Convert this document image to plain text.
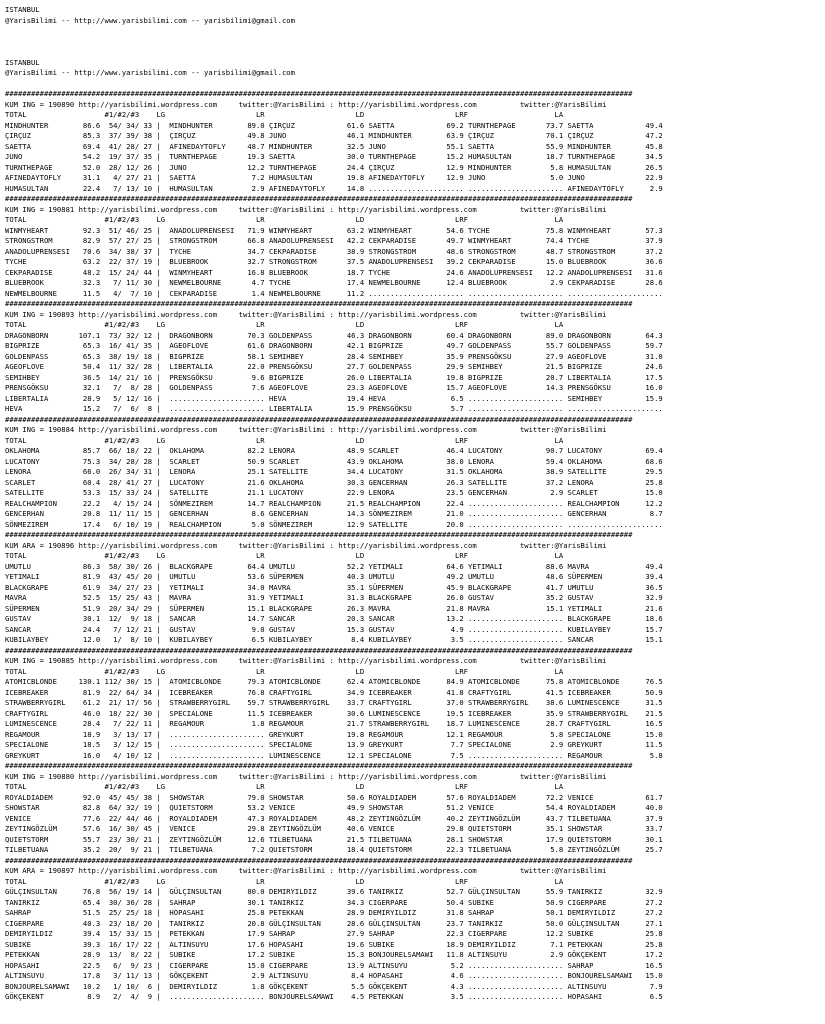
ISTANBUL
@YarisBilimi -- http://www.yarisbilimi.com -- yarisbilimi@gmail.com
ISTANBUL
@YarisBilimi -- http://www.yarisbilimi.com -- yarisbilimi@gmail.com
#################################################################################################################################################
KUM ING = 190890 http://yarisbilimi.wordpress.com     twitter:@YarisBilimi : http://yarisbilimi.wordpress.com          twitter:@YarisBilimi
TOTAL                  #1/#2/#3    LG                     LR                     LD                     LRF                    LA
MINDHUNTER        86.6  54/ 34/ 33 |  MINDHUNTER        89.0 ÇIRÇUZ            61.6 SAETTA            69.2 TURNTHEPAGE       73.7 SAETTA            49.4
ÇIRÇUZ            85.3  37/ 39/ 38 |  ÇIRÇUZ            49.8 JUNO              46.1 MINDHUNTER        63.9 ÇIRÇUZ            70.1 ÇIRÇUZ            47.2
SAETTA            69.4  41/ 28/ 27 |  AFINEDAYTOFLY     48.7 MINDHUNTER        32.5 JUNO              55.1 SAETTA            55.9 MINDHUNTER        45.8
JUNO              54.2  19/ 37/ 35 |  TURNTHEPAGE       19.3 SAETTA            30.0 TURNTHEPAGE       15.2 HUMASULTAN        18.7 TURNTHEPAGE       34.5
TURNTHEPAGE       52.0  28/ 12/ 26 |  JUNO              12.2 TURNTHEPAGE       24.4 ÇIRÇUZ            12.9 MINDHUNTER         5.8 HUMASULTAN        26.5
AFINEDAYTOFLY     31.1   4/ 27/ 21 |  SAETTA             7.2 HUMASULTAN        19.8 AFINEDAYTOFLY     12.9 JUNO               5.0 JUNO              22.9
HUMASULTAN        22.4   7/ 13/ 10 |  HUMASULTAN         2.9 AFINEDAYTOFLY     14.8 ...................... ...................... AFINEDAYTOFLY      2.9
#################################################################################################################################################
KUM ING = 190881 http://yarisbilimi.wordpress.com     twitter:@YarisBilimi : http://yarisbilimi.wordpress.com          twitter:@YarisBilimi
TOTAL                  #1/#2/#3    LG                     LR                     LD                     LRF                    LA
WINMYHEART        92.3  51/ 46/ 25 |  ANADOLUPRENSESI   71.9 WINMYHEART        63.2 WINMYHEART        54.6 TYCHE             75.8 WINMYHEART        57.3
STRONGSTROM       82.9  57/ 27/ 25 |  STRONGSTROM       66.8 ANADOLUPRENSESI   42.2 CEKPARADISE       49.7 WINMYHEART        74.4 TYCHE             37.9
ANADOLUPRENSESI   70.6  34/ 38/ 37 |  TYCHE             34.7 CEKPARADISE       38.9 STRONGSTROM       48.6 STRONGSTROM       48.7 STRONGSTROM       37.2
TYCHE             63.2  22/ 37/ 19 |  BLUEBROOK         32.7 STRONGSTROM       37.5 ANADOLUPRENSESI   39.2 CEKPARADISE       15.0 BLUEBROOK         36.6
CEKPARADISE       48.2  15/ 24/ 44 |  WINMYHEART        16.8 BLUEBROOK         18.7 TYCHE             24.6 ANADOLUPRENSESI   12.2 ANADOLUPRENSESI   31.6
BLUEBROOK         32.3   7/ 11/ 30 |  NEWMELBOURNE       4.7 TYCHE             17.4 NEWMELBOURNE      12.4 BLUEBROOK          2.9 CEKPARADISE       28.6
NEWMELBOURNE      11.5   4/  7/ 10 |  CEKPARADISE        1.4 NEWMELBOURNE      11.2 ...................... ...................... ......................
#################################################################################################################################################
KUM ING = 190893 http://yarisbilimi.wordpress.com     twitter:@YarisBilimi : http://yarisbilimi.wordpress.com          twitter:@YarisBilimi
TOTAL                  #1/#2/#3    LG                     LR                     LD                     LRF                    LA
DRAGONBORN       107.1  73/ 32/ 12 |  DRAGONBORN        70.3 GOLDENPASS        46.3 DRAGONBORN        60.4 DRAGONBORN        89.0 DRAGONBORN        64.3
BIGPRIZE          65.3  16/ 41/ 35 |  AGEOFLOVE         61.6 DRAGONBORN        42.1 BIGPRIZE          49.7 GOLDENPASS        55.7 GOLDENPASS        59.7
GOLDENPASS        65.3  38/ 19/ 18 |  BIGPRIZE          58.1 SEMIHBEY          28.4 SEMIHBEY          35.9 PRENSGÖKSU        27.9 AGEOFLOVE         31.0
AGEOFLOVE         50.4  11/ 32/ 28 |  LIBERTALIA        22.0 PRENSGÖKSU        27.7 GOLDENPASS        29.9 SEMIHBEY          21.5 BIGPRIZE          24.6
SEMIHBEY          36.5  14/ 21/ 16 |  PRENSGÖKSU         9.6 BIGPRIZE          26.0 LIBERTALIA        19.8 BIGPRIZE          20.7 LIBERTALIA        17.5
PRENSGÖKSU        32.1   7/  8/ 28 |  GOLDENPASS         7.6 AGEOFLOVE         23.3 AGEOFLOVE         15.7 AGEOFLOVE         14.3 PRENSGÖKSU        16.0
LIBERTALIA        28.9   5/ 12/ 16 |  ...................... HEVA              19.4 HEVA               6.5 ...................... SEMIHBEY          15.9
HEVA              15.2   7/  6/  8 |  ...................... LIBERTALIA        15.9 PRENSGÖKSU         5.7 ...................... ......................
#################################################################################################################################################
KUM ING = 190884 http://yarisbilimi.wordpress.com     twitter:@YarisBilimi : http://yarisbilimi.wordpress.com          twitter:@YarisBilimi
TOTAL                  #1/#2/#3    LG                     LR                     LD                     LRF                    LA
OKLAHOMA          85.7  66/ 18/ 22 |  OKLAHOMA          82.2 LENORA            48.9 SCARLET           46.4 LUCATONY          90.7 LUCATONY          69.4
LUCATONY          75.3  34/ 28/ 28 |  SCARLET           50.9 SCARLET           43.9 OKLAHOMA          38.0 LENORA            59.4 OKLAHOMA          68.6
LENORA            66.0  26/ 34/ 31 |  LENORA            25.1 SATELLITE         34.4 LUCATONY          31.5 OKLAHOMA          38.9 SATELLITE         29.5
SCARLET           60.4  28/ 41/ 27 |  LUCATONY          21.6 OKLAHOMA          30.3 GENCERHAN         26.3 SATELLITE         37.2 LENORA            25.8
SATELLITE         53.3  15/ 33/ 24 |  SATELLITE         21.1 LUCATONY          22.9 LENORA            23.5 GENCERHAN          2.9 SCARLET           15.0
REALCHAMPION      22.2   4/ 15/ 24 |  SÖNMEZIREM        14.7 REALCHAMPION      21.5 REALCHAMPION      22.4 ...................... REALCHAMPION      12.2
GENCERHAN         20.8  11/ 11/ 15 |  GENCERHAN          8.6 GENCERHAN         14.3 SÖNMEZIREM        21.0 ...................... GENCERHAN          8.7
SÖNMEZIREM        17.4   6/ 10/ 19 |  REALCHAMPION       5.0 SÖNMEZIREM        12.9 SATELLITE         20.0 ...................... ......................
#################################################################################################################################################
KUM ARA = 190896 http://yarisbilimi.wordpress.com     twitter:@YarisBilimi : http://yarisbilimi.wordpress.com          twitter:@YarisBilimi
TOTAL                  #1/#2/#3    LG                     LR                     LD                     LRF                    LA
UMUTLU            86.3  58/ 30/ 26 |  BLACKGRAPE        64.4 UMUTLU            52.2 YETIMALI          64.6 YETIMALI          88.6 MAVRA             49.4
YETIMALI          81.9  43/ 45/ 20 |  UMUTLU            53.6 SÜPERMEN          40.3 UMUTLU            49.2 UMUTLU            48.6 SÜPERMEN          39.4
BLACKGRAPE        61.9  34/ 27/ 23 |  YETIMALI          34.0 MAVRA             35.1 SÜPERMEN          45.9 BLACKGRAPE        41.7 UMUTLU            36.5
MAVRA             52.5  15/ 25/ 43 |  MAVRA             31.9 YETIMALI          31.3 BLACKGRAPE        26.0 GUSTAV            35.2 GUSTAV            32.9
SÜPERMEN          51.9  20/ 34/ 29 |  SÜPERMEN          15.1 BLACKGRAPE        26.3 MAVRA             21.8 MAVRA             15.1 YETIMALI          21.6
GUSTAV            30.1  12/  9/ 18 |  SANCAR            14.7 SANCAR            20.3 SANCAR            13.2 ...................... BLACKGRAPE        18.6
SANCAR            24.4   7/ 12/ 21 |  GUSTAV             9.0 GUSTAV            15.3 GUSTAV             4.9 ...................... KUBILAYBEY        15.7
KUBILAYBEY        12.0   1/  8/ 10 |  KUBILAYBEY         6.5 KUBILAYBEY         8.4 KUBILAYBEY         3.5 ...................... SANCAR            15.1
#################################################################################################################################################
KUM ING = 190885 http://yarisbilimi.wordpress.com     twitter:@YarisBilimi : http://yarisbilimi.wordpress.com          twitter:@YarisBilimi
TOTAL                  #1/#2/#3    LG                     LR                     LD                     LRF                    LA
ATOMICBLONDE     130.1 112/ 30/ 15 |  ATOMICBLONDE      79.3 ATOMICBLONDE      62.4 ATOMICBLONDE      84.9 ATOMICBLONDE      75.8 ATOMICBLONDE      76.5
ICEBREAKER        81.9  22/ 64/ 34 |  ICEBREAKER        76.8 CRAFTYGIRL        34.9 ICEBREAKER        41.8 CRAFTYGIRL        41.5 ICEBREAKER        50.9
STRAWBERRYGIRL    61.2  21/ 17/ 56 |  STRAWBERRYGIRL    59.7 STRAWBERRYGIRL    33.7 CRAFTYGIRL        37.0 STRAWBERRYGIRL    38.6 LUMINESCENCE      31.5
CRAFTYGIRL        46.0  18/ 22/ 30 |  SPECIALONE        11.5 ICEBREAKER        30.6 LUMINESCENCE      19.5 ICEBREAKER        35.9 STRAWBERRYGIRL    21.5
LUMINESCENCE      28.4   7/ 22/ 11 |  REGAMOUR           1.8 REGAMOUR          21.7 STRAWBERRYGIRL    18.7 LUMINESCENCE      28.7 CRAFTYGIRL        16.5
REGAMOUR          18.9   3/ 13/ 17 |  ...................... GREYKURT          19.8 REGAMOUR          12.1 REGAMOUR           5.8 SPECIALONE        15.0
SPECIALONE        18.5   3/ 12/ 15 |  ...................... SPECIALONE        13.9 GREYKURT           7.7 SPECIALONE         2.9 GREYKURT          11.5
GREYKURT          16.0   4/ 10/ 12 |  ...................... LUMINESCENCE      12.1 SPECIALONE         7.5 ...................... REGAMOUR           5.8
#################################################################################################################################################
KUM ING = 190880 http://yarisbilimi.wordpress.com     twitter:@YarisBilimi : http://yarisbilimi.wordpress.com          twitter:@YarisBilimi
TOTAL                  #1/#2/#3    LG                     LR                     LD                     LRF                    LA
ROYALDIADEM       92.0  45/ 45/ 38 |  SHOWSTAR          79.0 SHOWSTAR          50.6 ROYALDIADEM       57.6 ROYALDIADEM       72.2 VENICE            61.7
SHOWSTAR          82.8  64/ 32/ 19 |  QUIETSTORM        53.2 VENICE            49.9 SHOWSTAR          51.2 VENICE            54.4 ROYALDIADEM       40.0
VENICE            77.6  22/ 44/ 46 |  ROYALDIADEM       47.3 ROYALDIADEM       48.2 ZEYTINGÖZLÜM      40.2 ZEYTINGÖZLÜM      43.7 TILBETUANA        37.9
ZEYTINGÖZLÜM      57.6  16/ 30/ 45 |  VENICE            29.8 ZEYTINGÖZLÜM      40.6 VENICE            29.8 QUIETSTORM        35.1 SHOWSTAR          33.7
QUIETSTORM        55.7  23/ 30/ 21 |  ZEYTINGÖZLÜM      12.6 TILBETUANA        21.5 TILBETUANA        28.1 SHOWSTAR          17.9 QUIETSTORM        30.1
TILBETUANA        35.2  20/  9/ 21 |  TILBETUANA         7.2 QUIETSTORM        18.4 QUIETSTORM        22.3 TILBETUANA         5.8 ZEYTINGÖZLÜM      25.7
#################################################################################################################################################
KUM ARA = 190897 http://yarisbilimi.wordpress.com     twitter:@YarisBilimi : http://yarisbilimi.wordpress.com          twitter:@YarisBilimi
TOTAL                  #1/#2/#3    LG                     LR                     LD                     LRF                    LA
GÜLÇINSULTAN      76.8  56/ 19/ 14 |  GÜLÇINSULTAN      80.0 DEMIRYILDIZ       39.6 TANIRKIZ          52.7 GÜLÇINSULTAN      55.9 TANIRKIZ          32.9
TANIRKIZ          65.4  30/ 36/ 28 |  SAHRAP            30.1 TANIRKIZ          34.3 CIGERPARE         50.4 SUBIKE            50.9 CIGERPARE         27.2
SAHRAP            51.5  25/ 25/ 18 |  HOPASAHI          25.8 PETEKKAN          28.9 DEMIRYILDIZ       31.8 SAHRAP            50.1 DEMIRYILDIZ       27.2
CIGERPARE         40.3  23/ 18/ 20 |  TANIRKIZ          20.8 GÜLÇINSULTAN      28.6 GÜLÇINSULTAN      23.7 TANIRKIZ          50.0 GÜLÇINSULTAN      27.1
DEMIRYILDIZ       39.4  15/ 33/ 15 |  PETEKKAN          17.9 SAHRAP            27.9 SAHRAP            22.3 CIGERPARE         12.2 SUBIKE            25.8
SUBIKE            39.3  16/ 17/ 22 |  ALTINSUYU         17.6 HOPASAHI          19.6 SUBIKE            18.9 DEMIRYILDIZ        7.1 PETEKKAN          25.8
PETEKKAN          28.9  13/  8/ 22 |  SUBIKE            17.2 SUBIKE            15.3 BONJOURELSAMAWI   11.8 ALTINSUYU          2.9 GÖKÇEKENT         17.2
HOPASAHI          22.5   6/  9/ 23 |  CIGERPARE         15.0 CIGERPARE         13.9 ALTINSUYU          5.2 ...................... SAHRAP            16.5
ALTINSUYU         17.8   3/ 11/ 13 |  GÖKÇEKENT          2.9 ALTINSUYU          8.4 HOPASAHI           4.6 ...................... BONJOURELSAMAWI   15.0
BONJOURELSAMAWI   10.2   1/ 10/  6 |  DEMIRYILDIZ        1.8 GÖKÇEKENT          5.5 GÖKÇEKENT          4.3 ...................... ALTINSUYU          7.9
GÖKÇEKENT          8.9   2/  4/  9 |  ...................... BONJOURELSAMAWI    4.5 PETEKKAN           3.5 ...................... HOPASAHI           6.5
